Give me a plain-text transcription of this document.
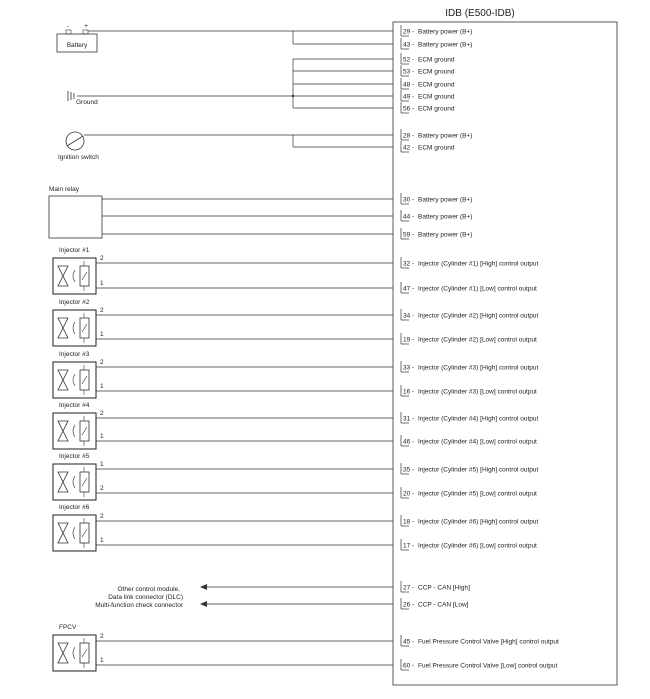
IDB (E500-IDB)
- +
Battery
Ground
Ignition switch
Main relay
Other control module,
Data link connector (DLC)
Multi-function check connector
29 Battery power (B+)
-
43 Battery power (B+)
-
52 ECM ground
-
53 ECM ground
-
48 ECM ground
-
49 ECM ground
-
56 ECM ground
-
28 Battery power (B+)
-
42 ECM ground
-
30 Battery power (B+)
-
44 Battery power (B+)
-
59 Battery power (B+)
-
32 Injector (Cylinder #1) [High] control output
-
47 Injector (Cylinder #1) [Low] control output
-
34 Injector (Cylinder #2) [High] control output
-
19 Injector (Cylinder #2) [Low] control output
-
33 Injector (Cylinder #3) [High] control output
-
16 Injector (Cylinder #3) [Low] control output
-
31 Injector (Cylinder #4) [High] control output
-
46 Injector (Cylinder #4) [Low] control output
-
35 Injector (Cylinder #5) [High] control output
-
20 Injector (Cylinder #5) [Low] control output
-
18 Injector (Cylinder #6) [High] control output
-
17 Injector (Cylinder #6) [Low] control output
-
27 CCP - CAN [High]
-
26 CCP - CAN [Low]
-
45 Fuel Pressure Control Valve [High] control output
-
60 Fuel Pressure Control Valve [Low] control output
-
Injector #1
2
1
Injector #2
2
1
Injector #3
2
1
Injector #4
2
1
Injector #5
1
2
Injector #6
2
1
FPCV
2
1
